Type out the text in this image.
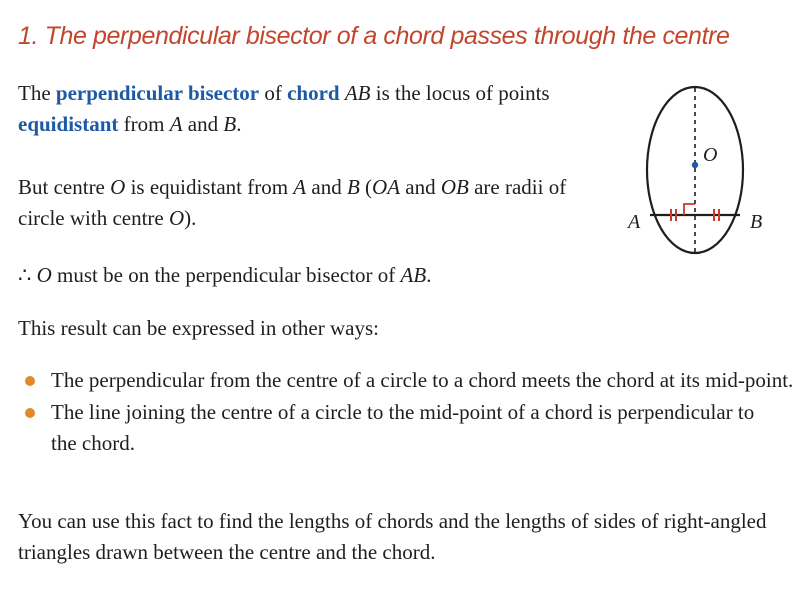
1. The perpendicular bisector of a chord passes through the centre

The perpendicular bisector of chord AB is the locus of points
equidistant from A and B.

But centre O is equidistant from A and B (OA and OB are radii of
circle with centre O).

∴ O must be on the perpendicular bisector of AB.

This result can be expressed in other ways:

The perpendicular from the centre of a circle to a chord meets the chord at its mid-point.
The line joining the centre of a circle to the mid-point of a chord is perpendicular to
the chord.

You can use this fact to find the lengths of chords and the lengths of sides of right-angled
triangles drawn between the centre and the chord.

O
A	B
